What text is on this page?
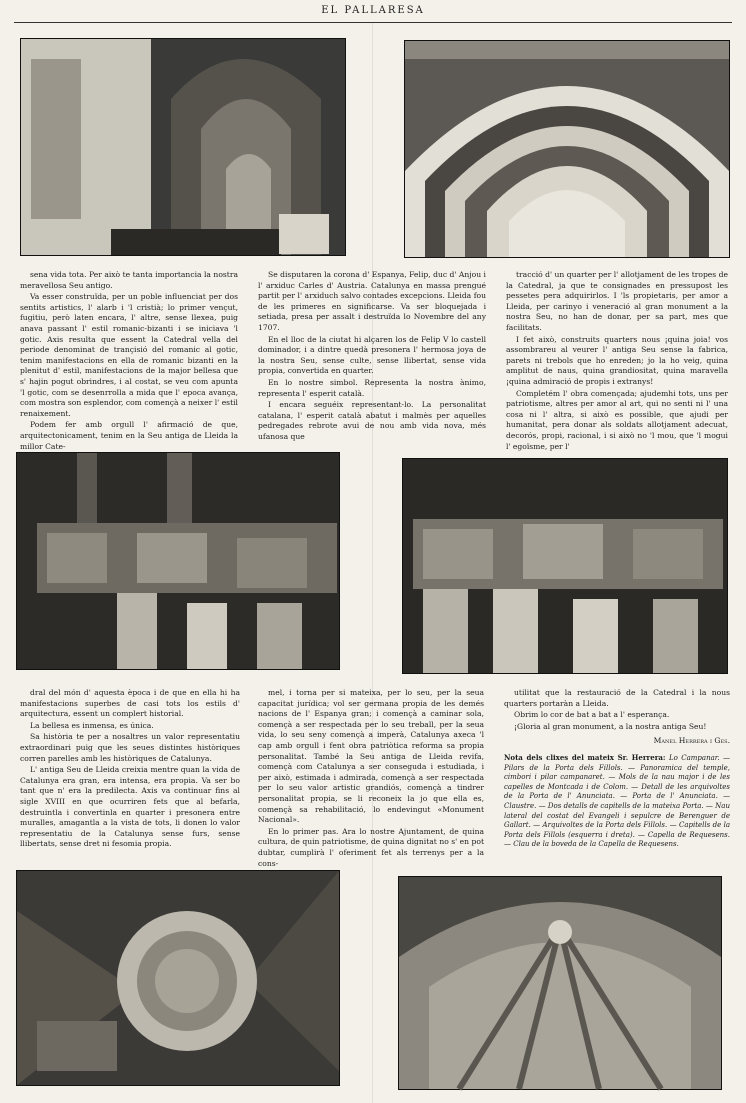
EL PALLARESA

sena vida tota. Per això te tanta importancia la nostra meravellosa Seu antigo.

Va esser construïda, per un poble influenciat per dos sentits artistics, l' alarb i 'l cristià; lo primer vençut, fugitiu, però laten encara, l' altre, sense llexea, puig anava passant l' estil romanic-bizanti i se iniciava 'l gotic. Axis resulta que essent la Catedral vella del periode denominat de trançisió del romanic al gotic, tenim manifestacions en ella de romanic bizanti en la plenitut d' estil, manifestacions de la major bellesa que s' hajin pogut obrindres, i al costat, se veu com apunta 'l gotic, com se desenrrolla a mida que l' epoca avança, com mostra son esplendor, com començà a neixer l' estil renaixement.

Podem fer amb orgull l' afirmació de que, arquitectonicament, tenim en la Seu antiga de Lleida la millor Cate-

Se disputaren la corona d' Espanya, Felip, duc d' Anjou i l' arxiduc Carles d' Austria. Catalunya en massa prengué partit per l' arxiduch salvo contades excepcions. Lleida fou de les primeres en significarse. Va ser bloquejada i setiada, presa per assalt i destruïda lo Novembre del any 1707.

En el lloc de la ciutat hi alçaren los de Felip V lo castell dominador, i a dintre quedà presonera l' hermosa joya de la nostra Seu, sense culte, sense llibertat, sense vida propia, convertida en quarter.

En lo nostre simbol. Representa la nostra ànimo, representa l' esperit català.

I encara seguéix representant-lo. La personalitat catalana, l' esperit català abatut i malmès per aquelles pedregades rebrote avui de nou amb vida nova, més ufanosa que

tracció d' un quarter per l' allotjament de les tropes de la Catedral, ja que te consignades en pressupost les pessetes pera adquirirlos. I 'ls propietaris, per amor a Lleida, per carinyo i veneració al gran monument a la nostra Seu, no han de donar, per sa part, mes que facilitats.

I fet això, construits quarters nous ¡quina joia! vos assombrareu al veurer l' antiga Seu sense la fabrica, parets ni trebols que ho enreden; jo la ho veig, quina amplitut de naus, quina grandiositat, quina maravella ¡quina admiració de propis i extranys!

Completém l' obra començada; ajudemhi tots, uns per patriotisme, altres per amor al art, qui no senti ni l' una cosa ni l' altra, si això es possible, que ajudi per humanitat, pera donar als soldats allotjament adecuat, decorós, propi, racional, i si això no 'l mou, que 'l mogui l' egoïsme, per l'

dral del món d' aquesta època i de que en ella hi ha manifestacions superbes de casi tots los estils d' arquitectura, essent un complert historial.

La bellesa es inmensa, es única.

Sa història te per a nosaltres un valor representatiu extraordinari puig que les seues distintes històriques corren parelles amb les històriques de Catalunya.

L' antiga Seu de Lleida creixia mentre quan la vida de Catalunya era gran, era intensa, era propia. Va ser bo tant que n' era la predilecta. Axis va continuar fins al sigle XVIII en que ocurriren fets que al befarla, destruintla i convertinla en quarter i presonera entre muralles, amagantla a la vista de tots, li donen lo valor representatiu de la Catalunya sense furs, sense llibertats, sense dret ni fesomia propia.

mel, i torna per si mateixa, per lo seu, per la seua capacitat jurídica; vol ser germana propia de les demés nacions de l' Espanya gran; i començà a caminar sola, començà a ser respectada per lo seu treball, per la seua vida, lo seu seny començà a imperà, Catalunya axeca 'l cap amb orgull i fent obra patriòtica reforma sa propia personalitat. També la Seu antiga de Lleida revifa, començà com Catalunya a ser conseguda i estudiada, i per això, estimada i admirada, començà a ser respectada per lo seu valor artistic grandiós, començà a tindrer personalitat propia, se li reconeix la jo que ella es, començà sa rehabilitació, lo endevingut «Monument Nacional».

En lo primer pas. Ara lo nostre Ajuntament, de quina cultura, de quin patriotisme, de quina dignitat no s' en pot dubtar, cumplirà l' oferiment fet als terrenys per a la cons-

utilitat que la restauració de la Catedral i la nous quarters portaràn a Lleida.

Obrim lo cor de bat a bat a l' esperança.

¡Gloria al gran monument, a la nostra antiga Seu!

Manel Herrera i Ges.

Nota dels clixes del mateix Sr. Herrera: Lo Campanar. — Pilars de la Porta dels Fillols. — Panoramica del temple, cimbori i pilar campanaret. — Mols de la nau major i de les capelles de Montcada i de Colom. — Detall de les arquivoltes de la Porta de l' Anunciata. — Porta de l' Anunciata. — Claustre. — Dos detalls de capitells de la mateixa Porta. — Nau lateral del costat del Evangeli i sepulcre de Berenguer de Gallart. — Arquivoltes de la Porta dels Fillols. — Capitells de la Porta dels Fillols (esquerra i dreta). — Capella de Requesens. — Clau de la boveda de la Capella de Requesens.
